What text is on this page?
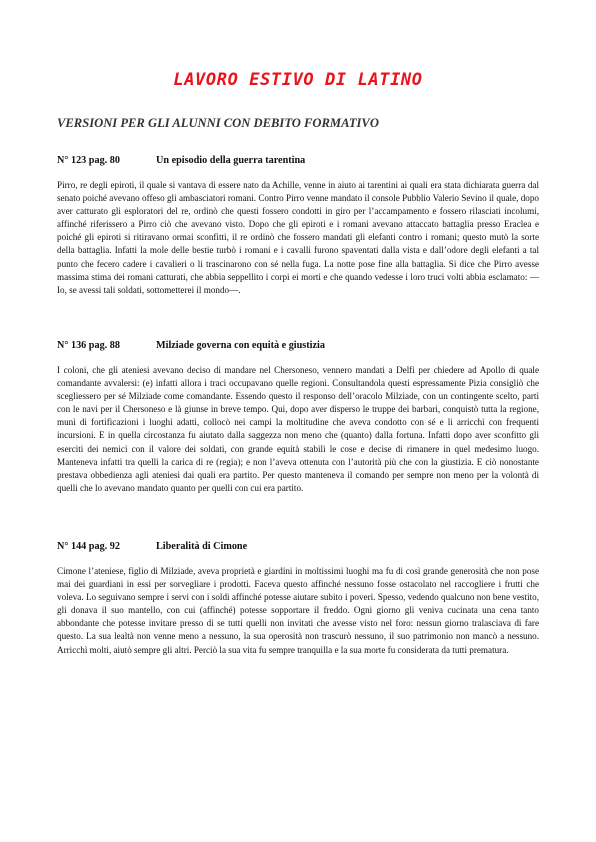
LAVORO ESTIVO DI LATINO
VERSIONI PER GLI ALUNNI CON DEBITO FORMATIVO
N° 123 pag. 80	Un episodio della guerra tarentina

Pirro, re degli epiroti, il quale si vantava di essere nato da Achille, venne in aiuto ai tarentini ai quali era stata dichiarata guerra dal senato poiché avevano offeso gli ambasciatori romani. Contro Pirro venne mandato il console Pubblio Valerio Sevino il quale, dopo aver catturato gli esploratori del re, ordinò che questi fossero condotti in giro per l’accampamento e fossero rilasciati incolumi, affinché riferissero a Pirro ciò che avevano visto. Dopo che gli epiroti e i romani avevano attaccato battaglia presso Eraclea e poiché gli epiroti si ritiravano ormai sconfitti, il re ordinò che fossero mandati gli elefanti contro i romani; questo mutò la sorte della battaglia. Infatti la mole delle bestie turbò i romani e i cavalli furono spaventati dalla vista e dall’odore degli elefanti a tal punto che fecero cadere i cavalieri o li trascinarono con sé nella fuga. La notte pose fine alla battaglia. Si dice che Pirro avesse massima stima dei romani catturati, che abbia seppellito i corpi ei morti e che quando vedesse i loro truci volti abbia esclamato: —Io, se avessi tali soldati, sottometterei il mondo—.

N° 136 pag. 88	Milziade governa con equità e giustizia

I coloni, che gli ateniesi avevano deciso di mandare nel Chersoneso, vennero mandati a Delfi per chiedere ad Apollo di quale comandante avvalersi: (e) infatti allora i traci occupavano quelle regioni. Consultandola questi espressamente Pizia consigliò che scegliessero per sé Milziade come comandante. Essendo questo il responso dell’oracolo Milziade, con un contingente scelto, partì con le navi per il Chersoneso e là giunse in breve tempo. Qui, dopo aver disperso le truppe dei barbari, conquistò tutta la regione, munì di fortificazioni i luoghi adatti, collocò nei campi la moltitudine che aveva condotto con sé e li arricchì con frequenti incursioni. E in quella circostanza fu aiutato dalla saggezza non meno che (quanto) dalla fortuna. Infatti dopo aver sconfitto gli eserciti dei nemici con il valore dei soldati, con grande equità stabilì le cose e decise di rimanere in quel medesimo luogo. Manteneva infatti tra quelli la carica di re (regia); e non l’aveva ottenuta con l’autorità più che con la giustizia. E ciò nonostante prestava obbedienza agli ateniesi dai quali era partito. Per questo manteneva il comando per sempre non meno per la volontà di quelli che lo avevano mandato quanto per quelli con cui era partito.

N° 144 pag. 92	Liberalità di Cimone

Cimone l’ateniese, figlio di Milziade, aveva proprietà e giardini in moltissimi luoghi ma fu di così grande generosità che non pose mai dei guardiani in essi per sorvegliare i prodotti. Faceva questo affinché nessuno fosse ostacolato nel raccogliere i frutti che voleva. Lo seguivano sempre i servi con i soldi affinché potesse aiutare subito i poveri. Spesso, vedendo qualcuno non bene vestito, gli donava il suo mantello, con cui (affinché) potesse sopportare il freddo. Ogni giorno gli veniva cucinata una cena tanto abbondante che potesse invitare presso di se tutti quelli non invitati che avesse visto nel foro: nessun giorno tralasciava di fare questo. La sua lealtà non venne meno a nessuno, la sua operosità non trascurò nessuno, il suo patrimonio non mancò a nessuno. Arricchì molti, aiutò sempre gli altri. Perciò la sua vita fu sempre tranquilla e la sua morte fu considerata da tutti prematura.
